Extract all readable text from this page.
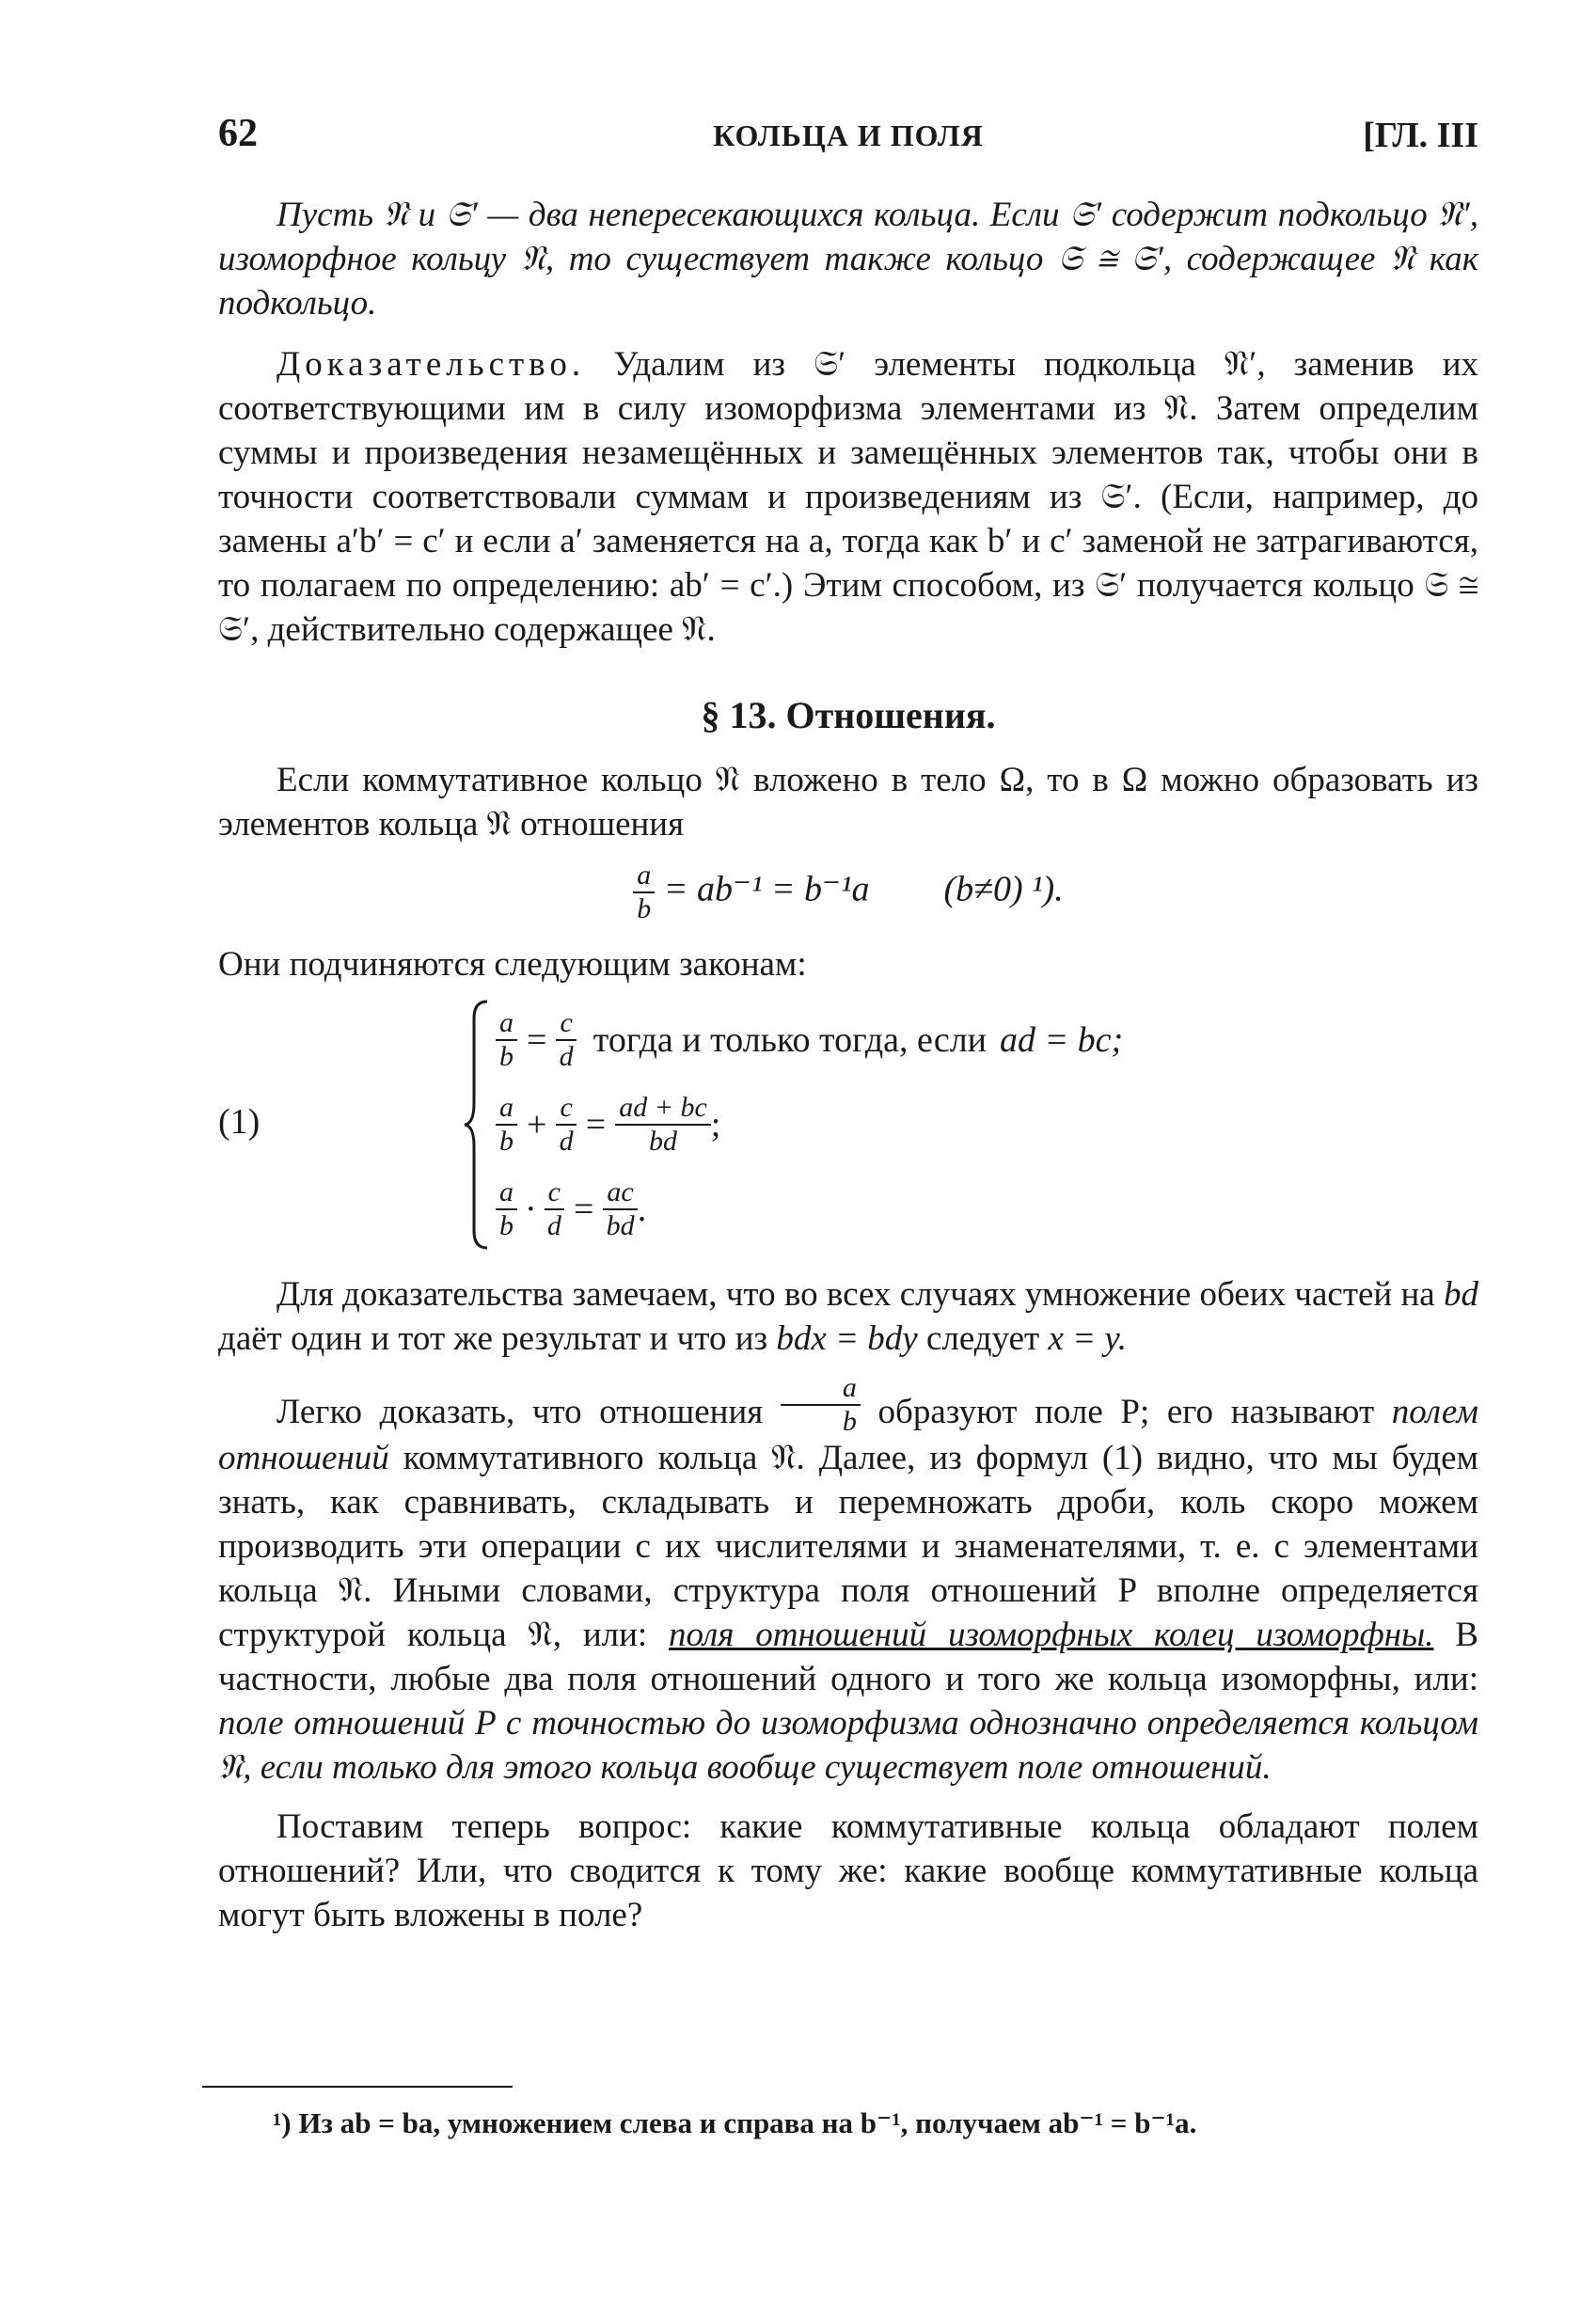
62	КОЛЬЦА И ПОЛЯ	[ГЛ. III

Пусть 𝔑 и 𝔖′ — два непересекающихся кольца. Если 𝔖′ содержит подкольцо 𝔑′, изоморфное кольцу 𝔑, то существует также кольцо 𝔖 ≅ 𝔖′, содержащее 𝔑 как подкольцо.

Доказательство. Удалим из 𝔖′ элементы подкольца 𝔑′, заменив их соответствующими им в силу изоморфизма элементами из 𝔑. Затем определим суммы и произведения незамещённых и замещённых элементов так, чтобы они в точности соответствовали суммам и произведениям из 𝔖′. (Если, например, до замены a′b′ = c′ и если a′ заменяется на a, тогда как b′ и c′ заменой не затрагиваются, то полагаем по определению: ab′ = c′.) Этим способом, из 𝔖′ получается кольцо 𝔖 ≅ 𝔖′, действительно содержащее 𝔑.

§ 13. Отношения.

Если коммутативное кольцо 𝔑 вложено в тело Ω, то в Ω можно образовать из элементов кольца 𝔑 отношения

$\frac{a}{b} = ab^{-1} = b^{-1}a$ (b≠0) ¹).

Они подчиняются следующим законам:

(1)
$\frac{a}{b} = \frac{c}{d}$ тогда и только тогда, если ad = bc;
$\frac{a}{b} + \frac{c}{d} = \frac{ad + bc}{bd}$ ;
$\frac{a}{b} \cdot \frac{c}{d} = \frac{ac}{bd}$ .

Для доказательства замечаем, что во всех случаях умножение обеих частей на bd даёт один и тот же результат и что из bdx = bdy следует x = y.

Легко доказать, что отношения $\frac{a}{b}$ образуют поле P; его называют полем отношений коммутативного кольца 𝔑. Далее, из формул (1) видно, что мы будем знать, как сравнивать, складывать и перемножать дроби, коль скоро можем производить эти операции с их числителями и знаменателями, т. е. с элементами кольца 𝔑. Иными словами, структура поля отношений P вполне определяется структурой кольца 𝔑, или: поля отношений изоморфных колец изоморфны. В частности, любые два поля отношений одного и того же кольца изоморфны, или: поле отношений P с точностью до изоморфизма однозначно определяется кольцом 𝔑, если только для этого кольца вообще существует поле отношений.

Поставим теперь вопрос: какие коммутативные кольца обладают полем отношений? Или, что сводится к тому же: какие вообще коммутативные кольца могут быть вложены в поле?

¹) Из ab = ba, умножением слева и справа на b⁻¹, получаем ab⁻¹ = b⁻¹a.
